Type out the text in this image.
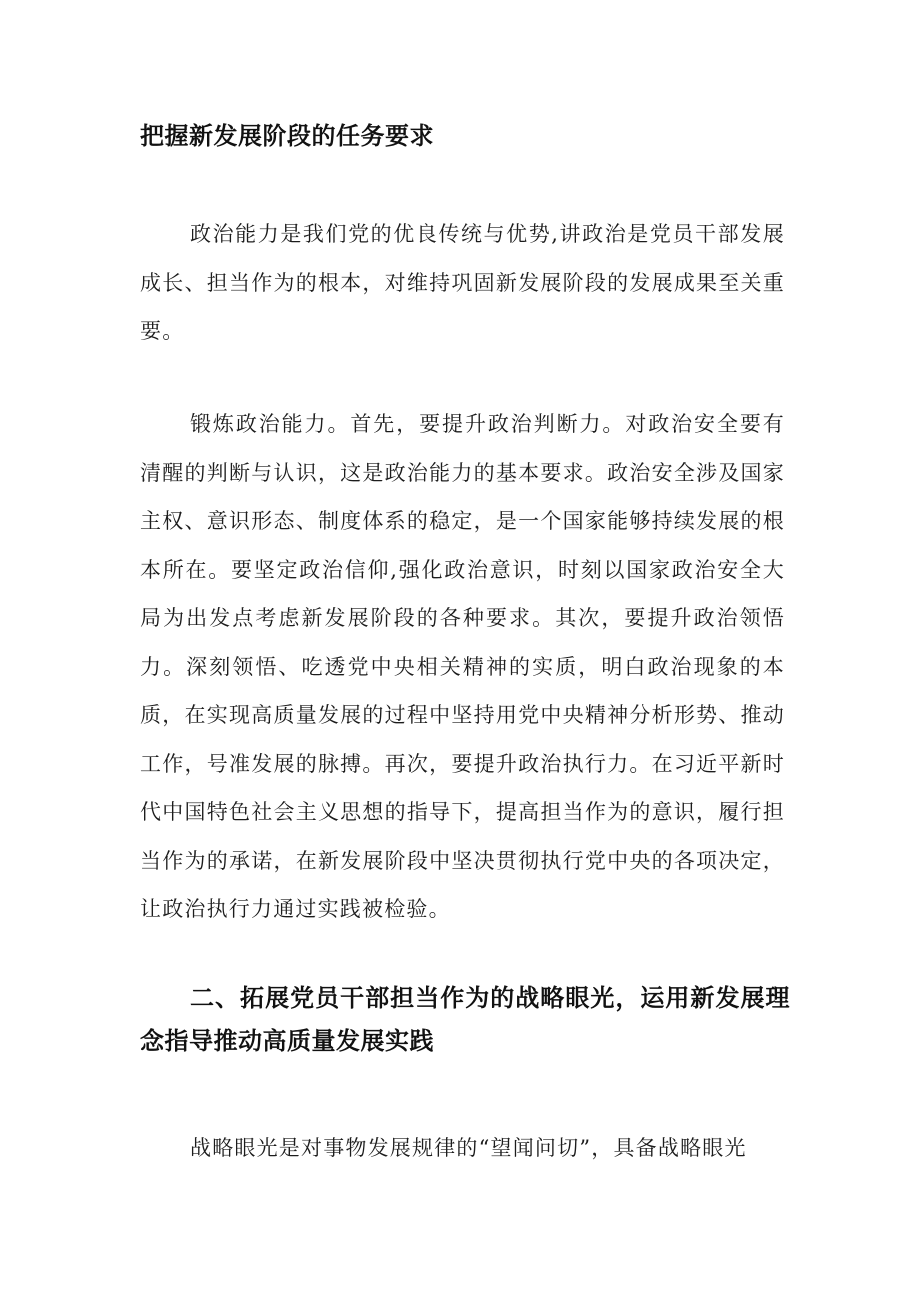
把握新发展阶段的任务要求

政治能力是我们党的优良传统与优势,讲政治是党员干部发展成长、担当作为的根本，对维持巩固新发展阶段的发展成果至关重要。

锻炼政治能力。首先，要提升政治判断力。对政治安全要有清醒的判断与认识，这是政治能力的基本要求。政治安全涉及国家主权、意识形态、制度体系的稳定，是一个国家能够持续发展的根本所在。要坚定政治信仰,强化政治意识，时刻以国家政治安全大局为出发点考虑新发展阶段的各种要求。其次，要提升政治领悟力。深刻领悟、吃透党中央相关精神的实质，明白政治现象的本质，在实现高质量发展的过程中坚持用党中央精神分析形势、推动工作，号准发展的脉搏。再次，要提升政治执行力。在习近平新时代中国特色社会主义思想的指导下，提高担当作为的意识，履行担当作为的承诺，在新发展阶段中坚决贯彻执行党中央的各项决定，让政治执行力通过实践被检验。

二、拓展党员干部担当作为的战略眼光，运用新发展理念指导推动高质量发展实践

战略眼光是对事物发展规律的“望闻问切”，具备战略眼光
